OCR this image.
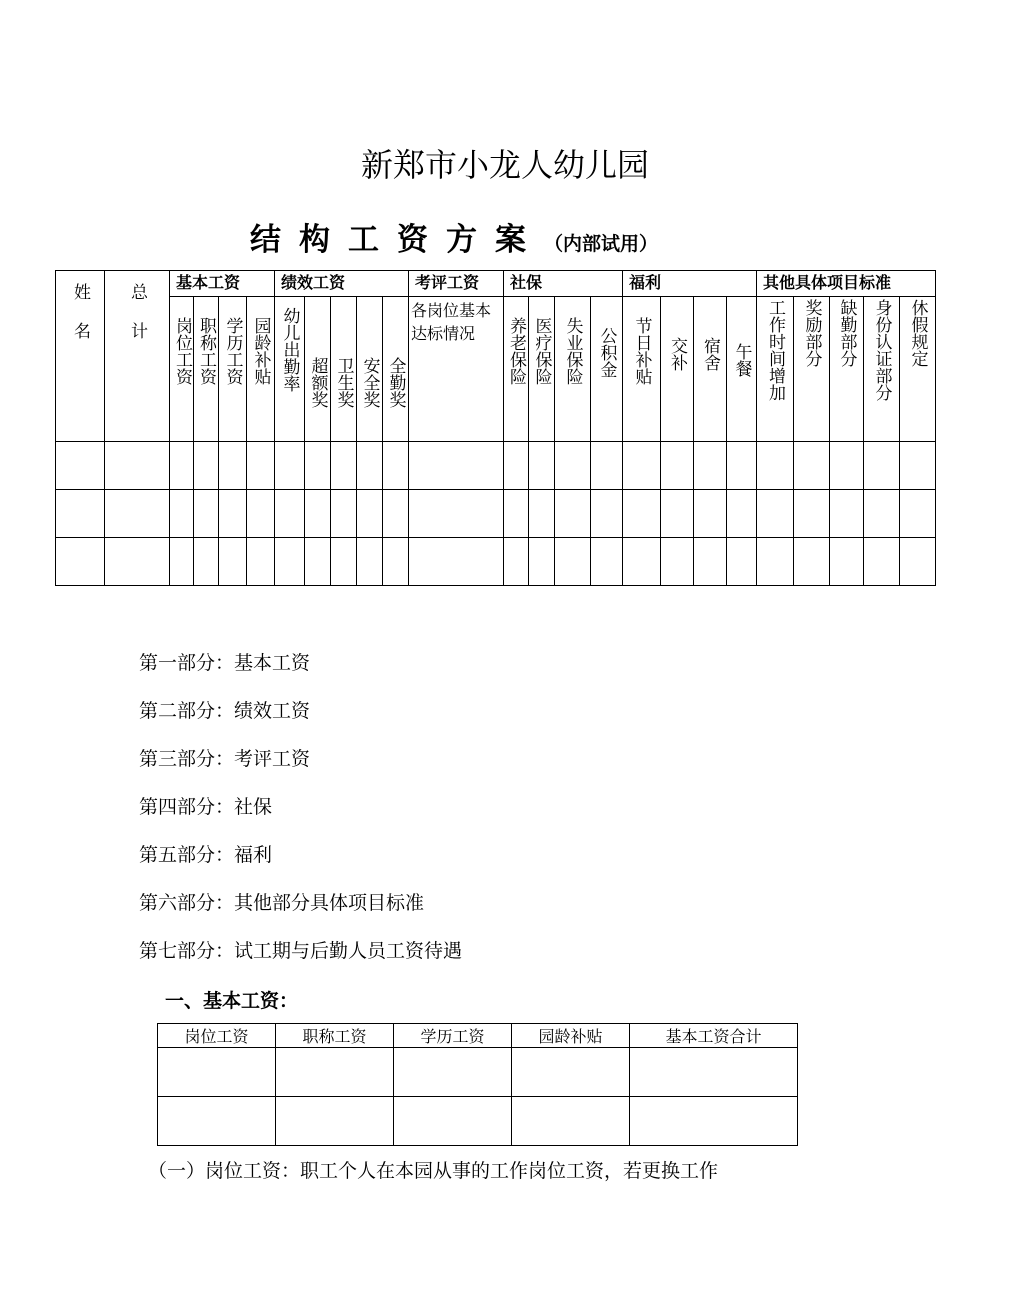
新郑市小龙人幼儿园
结构工资方案（内部试用）
姓名	总计	基本工资				绩效工资					考评工资	社保				福利				其他具体项目标准				

		岗位工资	职称工资	学历工资	园龄补贴	幼儿出勤率	超额奖	卫生奖	安全奖	全勤奖	各岗位基本达标情况	养老保险	医疗保险	失业保险	公积金	节日补贴	交补	宿舍	午餐	工作时间增加	奖励部分	缺勤部分	身份认证部分	休假规定

第一部分：基本工资
第二部分：绩效工资
第三部分：考评工资
第四部分：社保
第五部分：福利
第六部分：其他部分具体项目标准
第七部分：试工期与后勤人员工资待遇
一、基本工资：
岗位工资	职称工资	学历工资	园龄补贴	基本工资合计

（一）岗位工资：职工个人在本园从事的工作岗位工资，若更换工作
